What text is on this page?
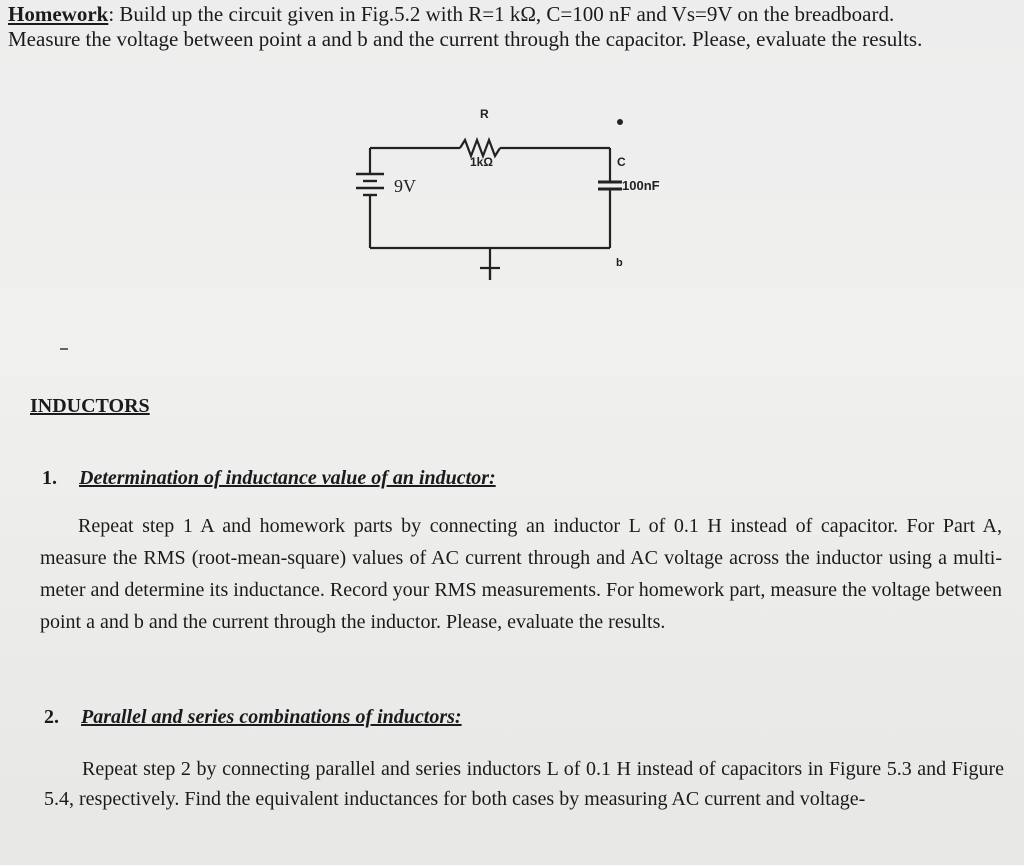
Homework: Build up the circuit given in Fig.5.2 with R=1 kΩ, C=100 nF and Vs=9V on the breadboard.
Measure the voltage between point a and b and the current through the capacitor. Please, evaluate the results.
R
1kΩ
9V
C
100nF
b
INDUCTORS
1. Determination of inductance value of an inductor:
Repeat step 1 A and homework parts by connecting an inductor L of 0.1 H instead of capacitor. For Part A, measure the RMS (root-mean-square) values of AC current through and AC voltage across the inductor using a multi-meter and determine its inductance. Record your RMS measurements. For homework part, measure the voltage between point a and b and the current through the inductor. Please, evaluate the results.
2. Parallel and series combinations of inductors:
Repeat step 2 by connecting parallel and series inductors L of 0.1 H instead of capacitors in Figure 5.3 and Figure 5.4, respectively. Find the equivalent inductances for both cases by measuring AC current and voltage-
